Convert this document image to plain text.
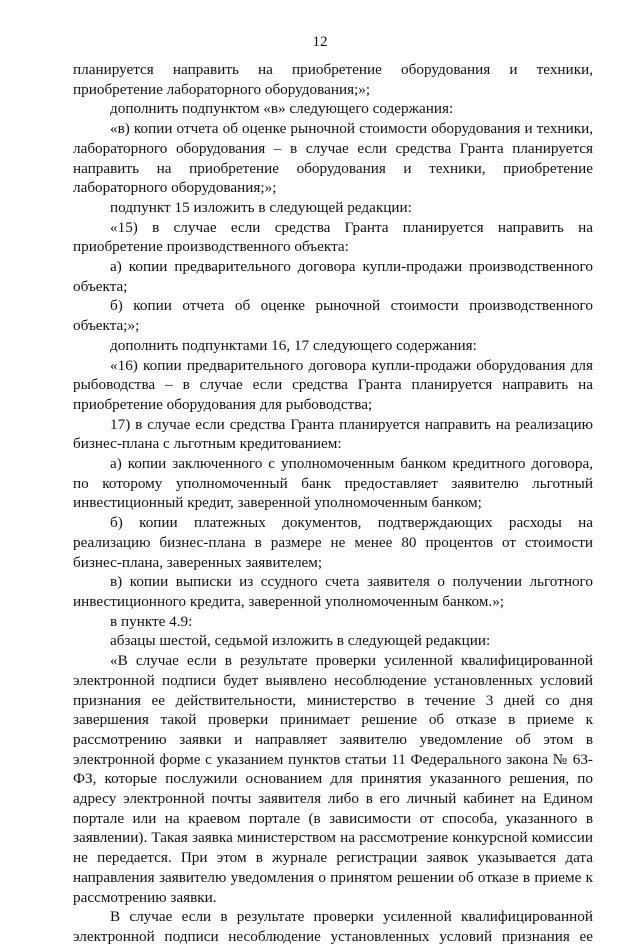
12

планируется направить на приобретение оборудования и техники, приобретение лабораторного оборудования;»;

дополнить подпунктом «в» следующего содержания:

«в) копии отчета об оценке рыночной стоимости оборудования и техники, лабораторного оборудования – в случае если средства Гранта планируется направить на приобретение оборудования и техники, приобретение лабораторного оборудования;»;

подпункт 15 изложить в следующей редакции:

«15) в случае если средства Гранта планируется направить на приобретение производственного объекта:

а) копии предварительного договора купли-продажи производственного объекта;

б) копии отчета об оценке рыночной стоимости производственного объекта;»;

дополнить подпунктами 16, 17 следующего содержания:

«16) копии предварительного договора купли-продажи оборудования для рыбоводства – в случае если средства Гранта планируется направить на приобретение оборудования для рыбоводства;

17) в случае если средства Гранта планируется направить на реализацию бизнес-плана с льготным кредитованием:

а) копии заключенного с уполномоченным банком кредитного договора, по которому уполномоченный банк предоставляет заявителю льготный инвестиционный кредит, заверенной уполномоченным банком;

б) копии платежных документов, подтверждающих расходы на реализацию бизнес-плана в размере не менее 80 процентов от стоимости бизнес-плана, заверенных заявителем;

в) копии выписки из ссудного счета заявителя о получении льготного инвестиционного кредита, заверенной уполномоченным банком.»;

в пункте 4.9:

абзацы шестой, седьмой изложить в следующей редакции:

«В случае если в результате проверки усиленной квалифицированной электронной подписи будет выявлено несоблюдение установленных условий признания ее действительности, министерство в течение 3 дней со дня завершения такой проверки принимает решение об отказе в приеме к рассмотрению заявки и направляет заявителю уведомление об этом в электронной форме с указанием пунктов статьи 11 Федерального закона № 63-ФЗ, которые послужили основанием для принятия указанного решения, по адресу электронной почты заявителя либо в его личный кабинет на Едином портале или на краевом портале (в зависимости от способа, указанного в заявлении). Такая заявка министерством на рассмотрение конкурсной комиссии не передается. При этом в журнале регистрации заявок указывается дата направления заявителю уведомления о принятом решении об отказе в приеме к рассмотрению заявки.

В случае если в результате проверки усиленной квалифицированной электронной подписи несоблюдение установленных условий признания ее
